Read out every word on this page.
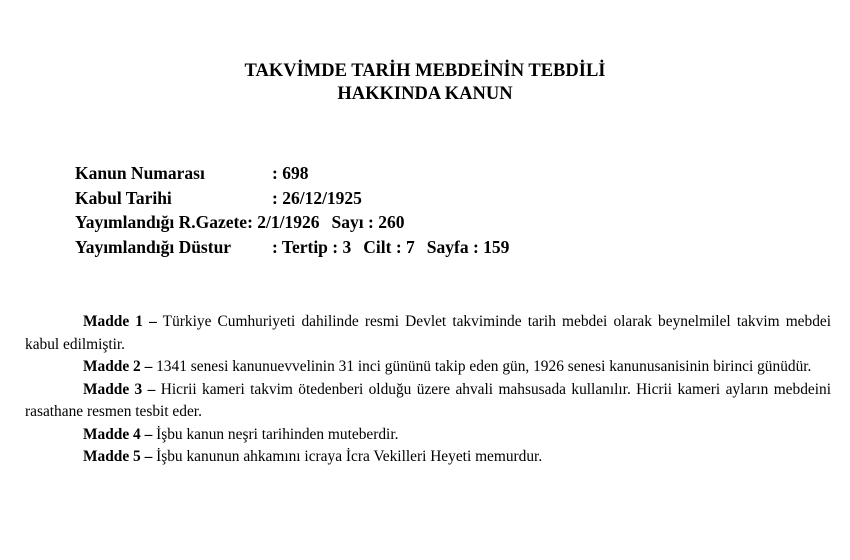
TAKVİMDE TARİH MEBDEİNİN TEBDİLİ
HAKKINDA KANUN
Kanun Numarası	: 698
Kabul Tarihi	: 26/12/1925
Yayımlandığı R.Gazete: 2/1/1926 Sayı : 260
Yayımlandığı Düstur : Tertip : 3 Cilt : 7 Sayfa : 159

Madde 1 – Türkiye Cumhuriyeti dahilinde resmi Devlet takviminde tarih mebdei olarak beynelmilel takvim mebdei kabul edilmiştir.

Madde 2 – 1341 senesi kanunuevvelinin 31 inci gününü takip eden gün, 1926 senesi kanunusanisinin birinci günüdür.

Madde 3 – Hicrii kameri takvim ötedenberi olduğu üzere ahvali mahsusada kullanılır. Hicrii kameri ayların mebdeini rasathane resmen tesbit eder.

Madde 4 – İşbu kanun neşri tarihinden muteberdir.

Madde 5 – İşbu kanunun ahkamını icraya İcra Vekilleri Heyeti memurdur.
